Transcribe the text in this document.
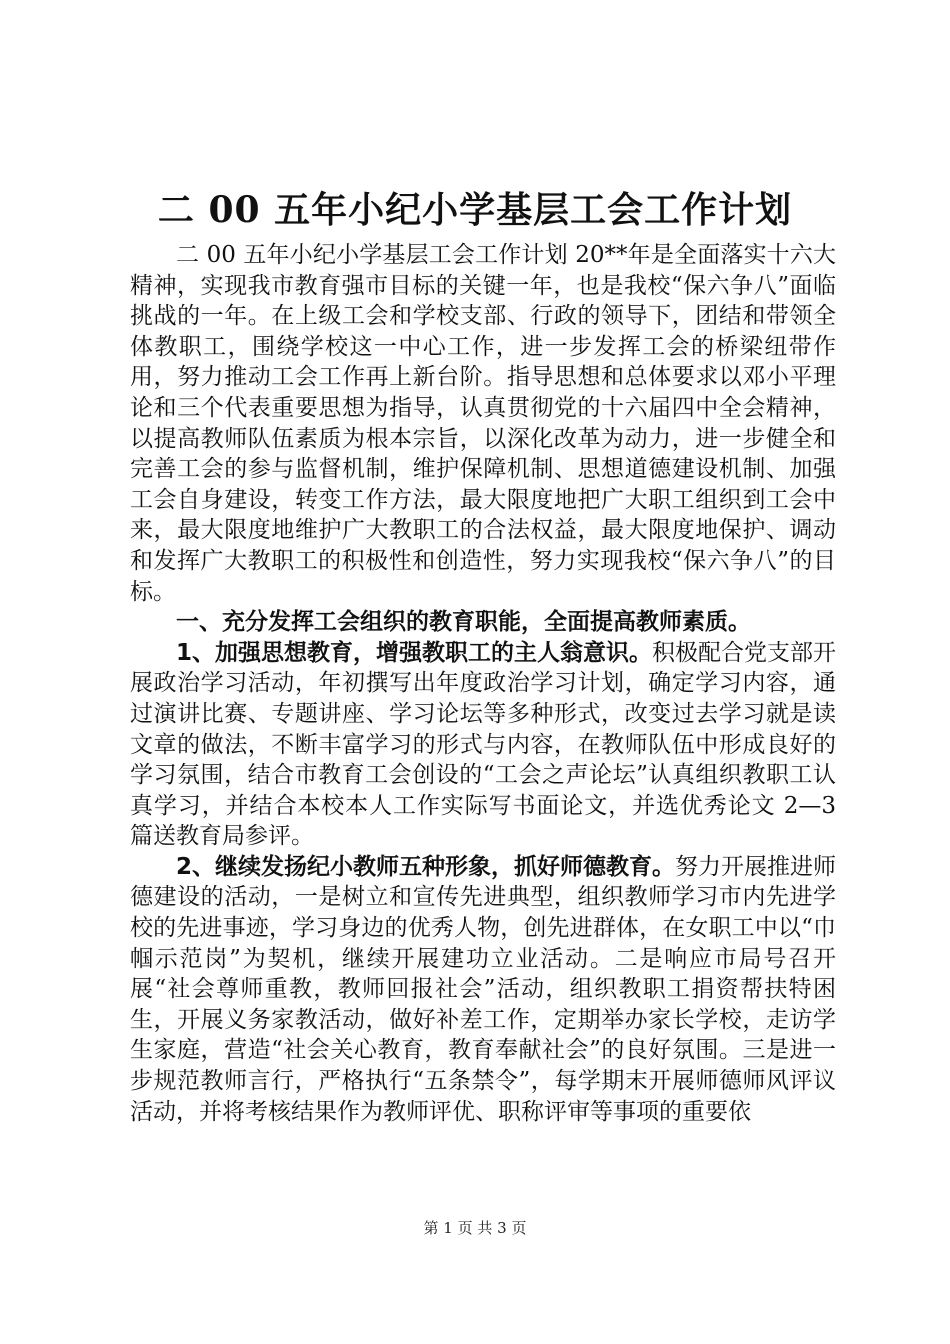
二 00 五年小纪小学基层工会工作计划

二 00 五年小纪小学基层工会工作计划 20**年是全面落实十六大精神，实现我市教育强市目标的关键一年，也是我校“保六争八”面临挑战的一年。在上级工会和学校支部、行政的领导下，团结和带领全体教职工，围绕学校这一中心工作，进一步发挥工会的桥梁纽带作用，努力推动工会工作再上新台阶。指导思想和总体要求以邓小平理论和三个代表重要思想为指导，认真贯彻党的十六届四中全会精神，以提高教师队伍素质为根本宗旨，以深化改革为动力，进一步健全和完善工会的参与监督机制，维护保障机制、思想道德建设机制、加强工会自身建设，转变工作方法，最大限度地把广大职工组织到工会中来，最大限度地维护广大教职工的合法权益，最大限度地保护、调动和发挥广大教职工的积极性和创造性，努力实现我校“保六争八”的目标。

一、充分发挥工会组织的教育职能，全面提高教师素质。

1、加强思想教育，增强教职工的主人翁意识。积极配合党支部开展政治学习活动，年初撰写出年度政治学习计划，确定学习内容，通过演讲比赛、专题讲座、学习论坛等多种形式，改变过去学习就是读文章的做法，不断丰富学习的形式与内容，在教师队伍中形成良好的学习氛围，结合市教育工会创设的“工会之声论坛”认真组织教职工认真学习，并结合本校本人工作实际写书面论文，并选优秀论文 2—3 篇送教育局参评。

2、继续发扬纪小教师五种形象，抓好师德教育。努力开展推进师德建设的活动，一是树立和宣传先进典型，组织教师学习市内先进学校的先进事迹，学习身边的优秀人物，创先进群体，在女职工中以“巾帼示范岗”为契机，继续开展建功立业活动。二是响应市局号召开展“社会尊师重教，教师回报社会”活动，组织教职工捐资帮扶特困生，开展义务家教活动，做好补差工作，定期举办家长学校，走访学生家庭，营造“社会关心教育，教育奉献社会”的良好氛围。三是进一步规范教师言行，严格执行“五条禁令”，每学期末开展师德师风评议活动，并将考核结果作为教师评优、职称评审等事项的重要依

第 1 页 共 3 页
